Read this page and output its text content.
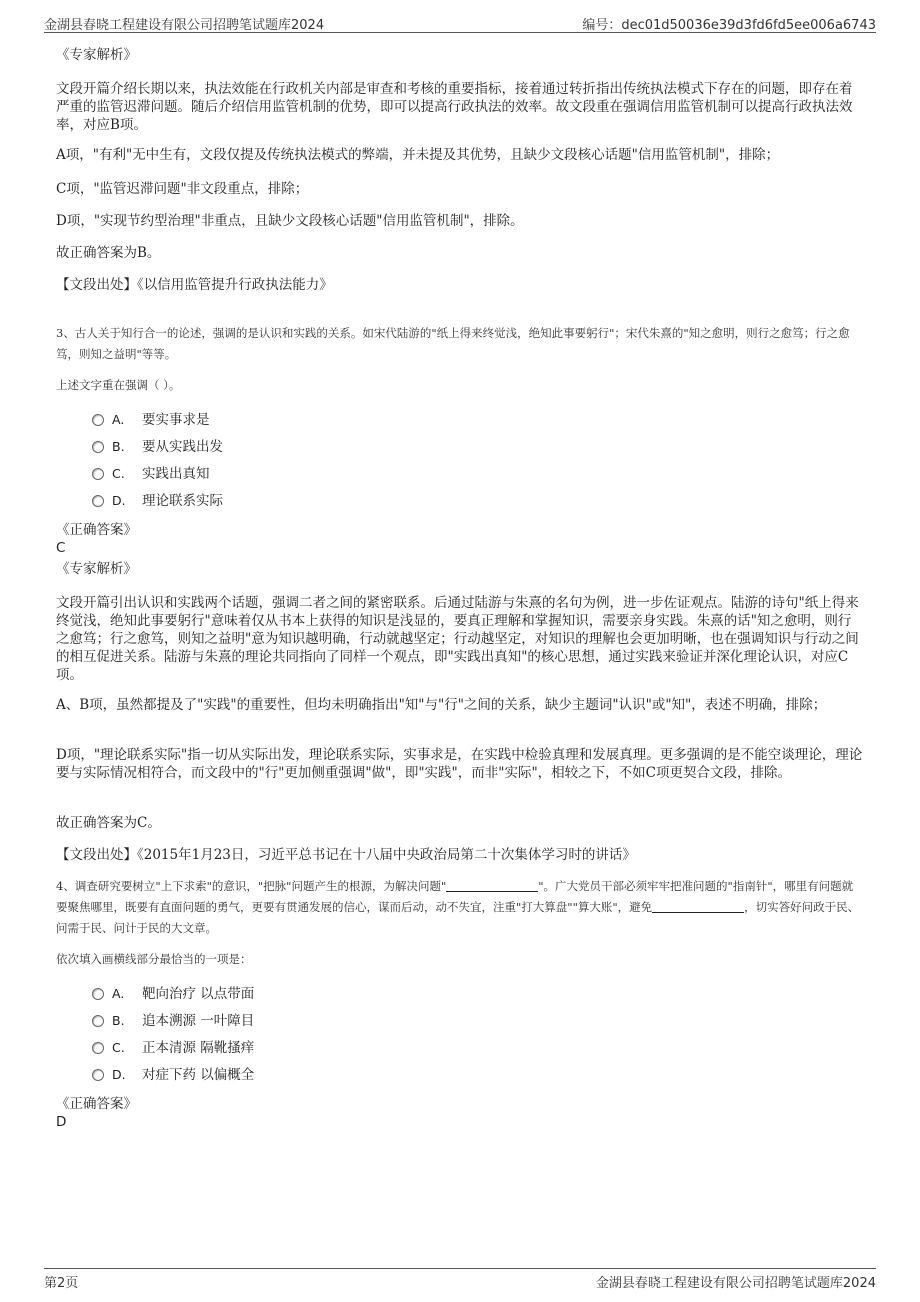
金湖县春晓工程建设有限公司招聘笔试题库2024	编号：dec01d50036e39d3fd6fd5ee006a6743

《专家解析》

文段开篇介绍长期以来，执法效能在行政机关内部是审查和考核的重要指标，接着通过转折指出传统执法模式下存在的问题，即存在着严重的监管迟滞问题。随后介绍信用监管机制的优势，即可以提高行政执法的效率。故文段重在强调信用监管机制可以提高行政执法效率，对应B项。

A项，"有利"无中生有，文段仅提及传统执法模式的弊端，并未提及其优势，且缺少文段核心话题"信用监管机制"，排除；

C项，"监管迟滞问题"非文段重点，排除；

D项，"实现节约型治理"非重点，且缺少文段核心话题"信用监管机制"，排除。

故正确答案为B。

【文段出处】《以信用监管提升行政执法能力》

3、古人关于知行合一的论述，强调的是认识和实践的关系。如宋代陆游的"纸上得来终觉浅，绝知此事要躬行"；宋代朱熹的"知之愈明，则行之愈笃；行之愈笃，则知之益明"等等。

上述文字重在强调（ ）。

A. 要实事求是
B. 要从实践出发
C. 实践出真知
D. 理论联系实际

《正确答案》

C

《专家解析》

文段开篇引出认识和实践两个话题，强调二者之间的紧密联系。后通过陆游与朱熹的名句为例，进一步佐证观点。陆游的诗句"纸上得来终觉浅，绝知此事要躬行"意味着仅从书本上获得的知识是浅显的，要真正理解和掌握知识，需要亲身实践。朱熹的话"知之愈明，则行之愈笃；行之愈笃，则知之益明"意为知识越明确，行动就越坚定；行动越坚定，对知识的理解也会更加明晰，也在强调知识与行动之间的相互促进关系。陆游与朱熹的理论共同指向了同样一个观点，即"实践出真知"的核心思想，通过实践来验证并深化理论认识，对应C项。

A、B项，虽然都提及了"实践"的重要性，但均未明确指出"知"与"行"之间的关系，缺少主题词"认识"或"知"，表述不明确，排除；

D项，"理论联系实际"指一切从实际出发，理论联系实际，实事求是，在实践中检验真理和发展真理。更多强调的是不能空谈理论，理论要与实际情况相符合，而文段中的"行"更加侧重强调"做"，即"实践"，而非"实际"，相较之下，不如C项更契合文段，排除。

故正确答案为C。

【文段出处】《2015年1月23日，习近平总书记在十八届中央政治局第二十次集体学习时的讲话》

4、调查研究要树立"上下求索"的意识，"把脉"问题产生的根源，为解决问题"	"。广大党员干部必须牢牢把准问题的"指南针"，哪里有问题就要聚焦哪里，既要有直面问题的勇气，更要有贯通发展的信心，谋而后动，动不失宜，注重"打大算盘""算大账"，避免	，切实答好问政于民、问需于民、问计于民的大文章。

依次填入画横线部分最恰当的一项是：

A. 靶向治疗 以点带面
B. 追本溯源 一叶障目
C. 正本清源 隔靴搔痒
D. 对症下药 以偏概全

《正确答案》

D
第2页	金湖县春晓工程建设有限公司招聘笔试题库2024
